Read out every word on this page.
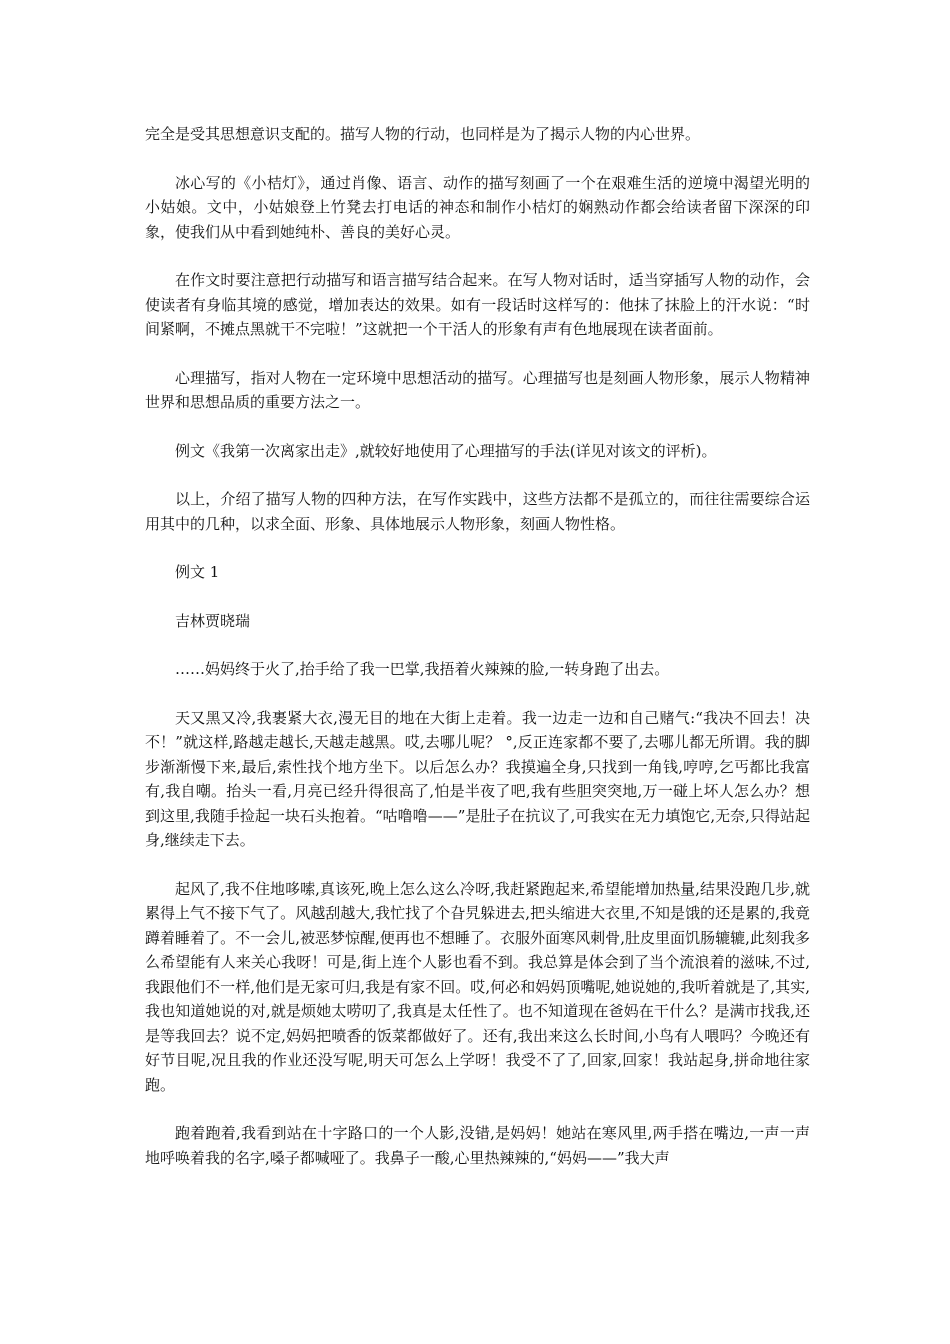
完全是受其思想意识支配的。描写人物的行动，也同样是为了揭示人物的内心世界。

冰心写的《小桔灯》，通过肖像、语言、动作的描写刻画了一个在艰难生活的逆境中渴望光明的小姑娘。文中，小姑娘登上竹凳去打电话的神态和制作小桔灯的娴熟动作都会给读者留下深深的印象，使我们从中看到她纯朴、善良的美好心灵。

在作文时要注意把行动描写和语言描写结合起来。在写人物对话时，适当穿插写人物的动作，会使读者有身临其境的感觉，增加表达的效果。如有一段话时这样写的：他抹了抹脸上的汗水说：“时间紧啊，不摊点黑就干不完啦！”这就把一个干活人的形象有声有色地展现在读者面前。

心理描写，指对人物在一定环境中思想活动的描写。心理描写也是刻画人物形象，展示人物精神世界和思想品质的重要方法之一。

例文《我第一次离家出走》,就较好地使用了心理描写的手法(详见对该文的评析)。

以上，介绍了描写人物的四种方法，在写作实践中，这些方法都不是孤立的，而往往需要综合运用其中的几种，以求全面、形象、具体地展示人物形象，刻画人物性格。

例文 1

吉林贾晓瑞

……妈妈终于火了,抬手给了我一巴掌,我捂着火辣辣的脸,一转身跑了出去。

天又黑又冷,我裹紧大衣,漫无目的地在大街上走着。我一边走一边和自己赌气:“我决不回去！决不！”就这样,路越走越长,天越走越黑。哎,去哪儿呢？ °,反正连家都不要了,去哪儿都无所谓。我的脚步渐渐慢下来,最后,索性找个地方坐下。以后怎么办？我摸遍全身,只找到一角钱,哼哼,乞丐都比我富有,我自嘲。抬头一看,月亮已经升得很高了,怕是半夜了吧,我有些胆突突地,万一碰上坏人怎么办？想到这里,我随手捡起一块石头抱着。“咕噜噜——”是肚子在抗议了,可我实在无力填饱它,无奈,只得站起身,继续走下去。

起风了,我不住地哆嗦,真该死,晚上怎么这么冷呀,我赶紧跑起来,希望能增加热量,结果没跑几步,就累得上气不接下气了。风越刮越大,我忙找了个旮旯躲进去,把头缩进大衣里,不知是饿的还是累的,我竟蹲着睡着了。不一会儿,被恶梦惊醒,便再也不想睡了。衣服外面寒风刺骨,肚皮里面饥肠辘辘,此刻我多么希望能有人来关心我呀！可是,街上连个人影也看不到。我总算是体会到了当个流浪着的滋味,不过,我跟他们不一样,他们是无家可归,我是有家不回。哎,何必和妈妈顶嘴呢,她说她的,我听着就是了,其实,我也知道她说的对,就是烦她太唠叨了,我真是太任性了。也不知道现在爸妈在干什么？是满市找我,还是等我回去？说不定,妈妈把喷香的饭菜都做好了。还有,我出来这么长时间,小鸟有人喂吗？今晚还有好节目呢,况且我的作业还没写呢,明天可怎么上学呀！我受不了了,回家,回家！我站起身,拼命地往家跑。

跑着跑着,我看到站在十字路口的一个人影,没错,是妈妈！她站在寒风里,两手搭在嘴边,一声一声地呼唤着我的名字,嗓子都喊哑了。我鼻子一酸,心里热辣辣的,“妈妈——”我大声
